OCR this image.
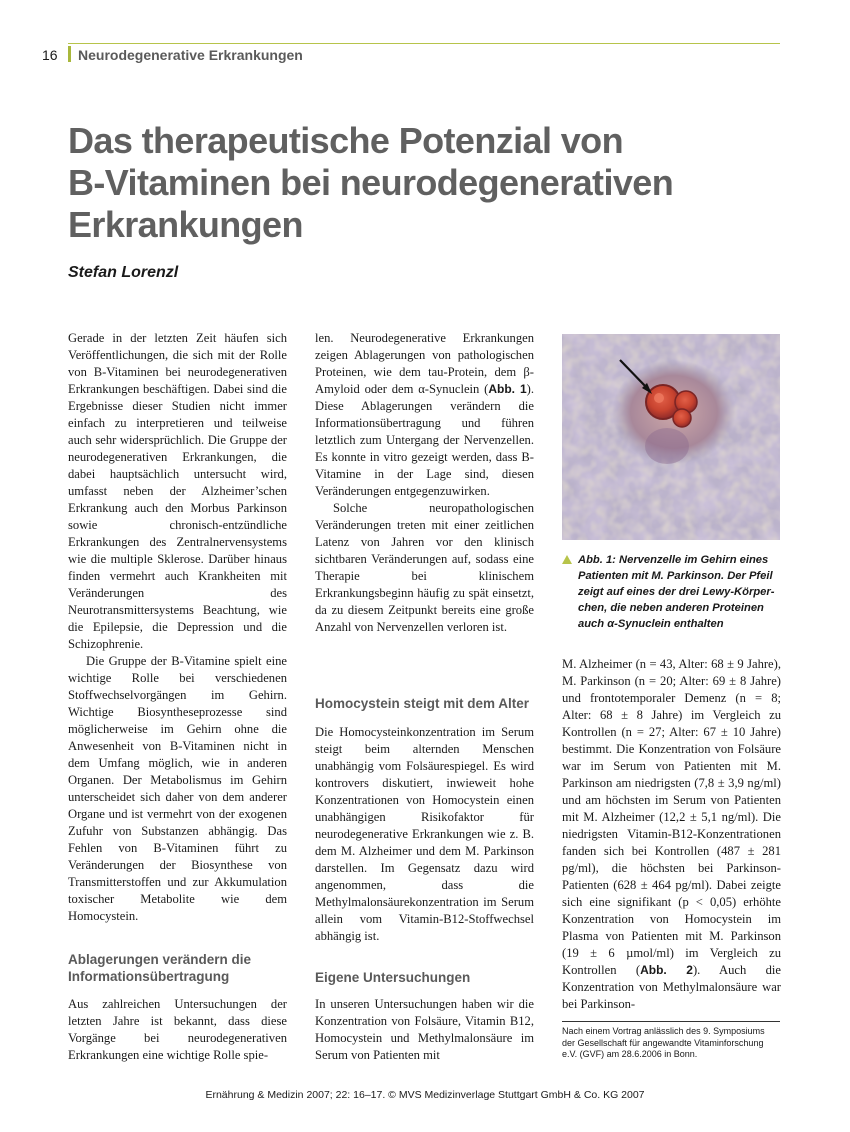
16 Neurodegenerative Erkrankungen
Das therapeutische Potenzial von
B-Vitaminen bei neurodegenerativen
Erkrankungen
Stefan Lorenzl

Gerade in der letzten Zeit häufen sich Veröffentlichungen, die sich mit der Rolle von B-Vitaminen bei neurodegenerativen Erkrankungen beschäftigen. Dabei sind die Ergebnisse dieser Studien nicht immer einfach zu interpretieren und teilweise auch sehr widersprüchlich. Die Gruppe der neurodegenerativen Erkrankungen, die dabei hauptsächlich untersucht wird, umfasst neben der Alzheimer’schen Erkrankung auch den Morbus Parkinson sowie chronisch-entzündliche Erkrankungen des Zentralnervensystems wie die multiple Sklerose. Darüber hinaus finden vermehrt auch Krankheiten mit Veränderungen des Neurotransmittersystems Beachtung, wie die Epilepsie, die Depression und die Schizophrenie.

Die Gruppe der B-Vitamine spielt eine wichtige Rolle bei verschiedenen Stoffwechselvorgängen im Gehirn. Wichtige Biosyntheseprozesse sind möglicherweise im Gehirn ohne die Anwesenheit von B-Vitaminen nicht in dem Umfang möglich, wie in anderen Organen. Der Metabolismus im Gehirn unterscheidet sich daher von dem anderer Organe und ist vermehrt von der exogenen Zufuhr von Substanzen abhängig. Das Fehlen von B-Vitaminen führt zu Veränderungen der Biosynthese von Transmitterstoffen und zur Akkumulation toxischer Metabolite wie dem Homocystein.

Ablagerungen verändern die
Informationsübertragung

Aus zahlreichen Untersuchungen der letzten Jahre ist bekannt, dass diese Vorgänge bei neurodegenerativen Erkrankungen eine wichtige Rolle spie-

len. Neurodegenerative Erkrankungen zeigen Ablagerungen von pathologischen Proteinen, wie dem tau-Protein, dem β-Amyloid oder dem α-Synuclein (Abb. 1). Diese Ablagerungen verändern die Informationsübertragung und führen letztlich zum Untergang der Nervenzellen. Es konnte in vitro gezeigt werden, dass B-Vitamine in der Lage sind, diesen Veränderungen entgegenzuwirken.

Solche neuropathologischen Veränderungen treten mit einer zeitlichen Latenz von Jahren vor den klinisch sichtbaren Veränderungen auf, sodass eine Therapie bei klinischem Erkrankungsbeginn häufig zu spät einsetzt, da zu diesem Zeitpunkt bereits eine große Anzahl von Nervenzellen verloren ist.

Homocystein steigt mit dem Alter

Die Homocysteinkonzentration im Serum steigt beim alternden Menschen unabhängig vom Folsäurespiegel. Es wird kontrovers diskutiert, inwieweit hohe Konzentrationen von Homocystein einen unabhängigen Risikofaktor für neurodegenerative Erkrankungen wie z. B. dem M. Alzheimer und dem M. Parkinson darstellen. Im Gegensatz dazu wird angenommen, dass die Methylmalonsäurekonzentration im Serum allein vom Vitamin-B12-Stoffwechsel abhängig ist.

Eigene Untersuchungen

In unseren Untersuchungen haben wir die Konzentration von Folsäure, Vitamin B12, Homocystein und Methylmalonsäure im Serum von Patienten mit

Abb. 1: Nervenzelle im Gehirn eines
Patienten mit M. Parkinson. Der Pfeil
zeigt auf eines der drei Lewy-Körper-
chen, die neben anderen Proteinen
auch α-Synuclein enthalten

M. Alzheimer (n = 43, Alter: 68 ± 9 Jahre), M. Parkinson (n = 20; Alter: 69 ± 8 Jahre) und frontotemporaler Demenz (n = 8; Alter: 68 ± 8 Jahre) im Vergleich zu Kontrollen (n = 27; Alter: 67 ± 10 Jahre) bestimmt. Die Konzentration von Folsäure war im Serum von Patienten mit M. Parkinson am niedrigsten (7,8 ± 3,9 ng/ml) und am höchsten im Serum von Patienten mit M. Alzheimer (12,2 ± 5,1 ng/ml). Die niedrigsten Vitamin-B12-Konzentrationen fanden sich bei Kontrollen (487 ± 281 pg/ml), die höchsten bei Parkinson-Patienten (628 ± 464 pg/ml). Dabei zeigte sich eine signifikant (p < 0,05) erhöhte Konzentration von Homocystein im Plasma von Patienten mit M. Parkinson (19 ± 6 µmol/ml) im Vergleich zu Kontrollen (Abb. 2). Auch die Konzentration von Methylmalonsäure war bei Parkinson-

Nach einem Vortrag anlässlich des 9. Symposiums
der Gesellschaft für angewandte Vitaminforschung
e.V. (GVF) am 28.6.2006 in Bonn.
Ernährung & Medizin 2007; 22: 16–17. © MVS Medizinverlage Stuttgart GmbH & Co. KG 2007
